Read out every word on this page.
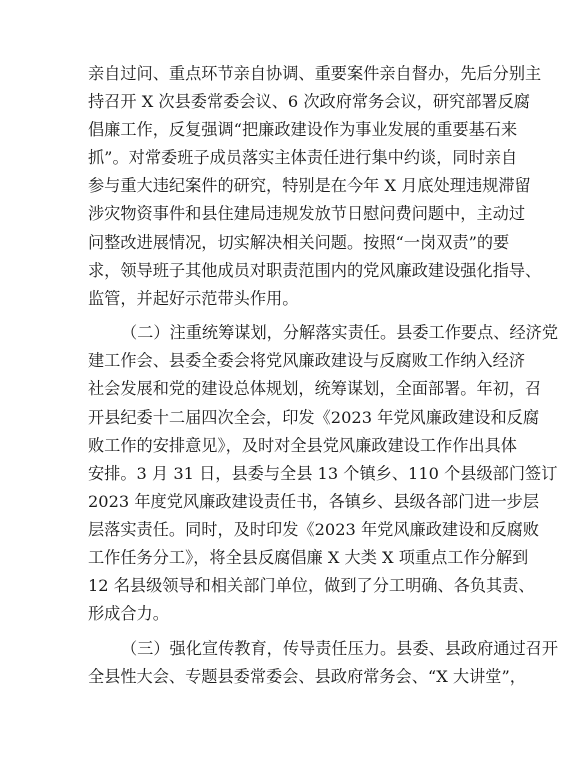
亲自过问、重点环节亲自协调、重要案件亲自督办，先后分别主
持召开 X 次县委常委会议、6 次政府常务会议，研究部署反腐
倡廉工作，反复强调“把廉政建设作为事业发展的重要基石来
抓”。对常委班子成员落实主体责任进行集中约谈，同时亲自
参与重大违纪案件的研究，特别是在今年 X 月底处理违规滞留
涉灾物资事件和县住建局违规发放节日慰问费问题中，主动过
问整改进展情况，切实解决相关问题。按照“一岗双责”的要
求，领导班子其他成员对职责范围内的党风廉政建设强化指导、
监管，并起好示范带头作用。
（二）注重统筹谋划，分解落实责任。县委工作要点、经济党
建工作会、县委全委会将党风廉政建设与反腐败工作纳入经济
社会发展和党的建设总体规划，统筹谋划，全面部署。年初，召
开县纪委十二届四次全会，印发《2023 年党风廉政建设和反腐
败工作的安排意见》，及时对全县党风廉政建设工作作出具体
安排。3 月 31 日，县委与全县 13 个镇乡、110 个县级部门签订
2023 年度党风廉政建设责任书，各镇乡、县级各部门进一步层
层落实责任。同时，及时印发《2023 年党风廉政建设和反腐败
工作任务分工》，将全县反腐倡廉 X 大类 X 项重点工作分解到
12 名县级领导和相关部门单位，做到了分工明确、各负其责、
形成合力。
（三）强化宣传教育，传导责任压力。县委、县政府通过召开
全县性大会、专题县委常委会、县政府常务会、“X 大讲堂”，
